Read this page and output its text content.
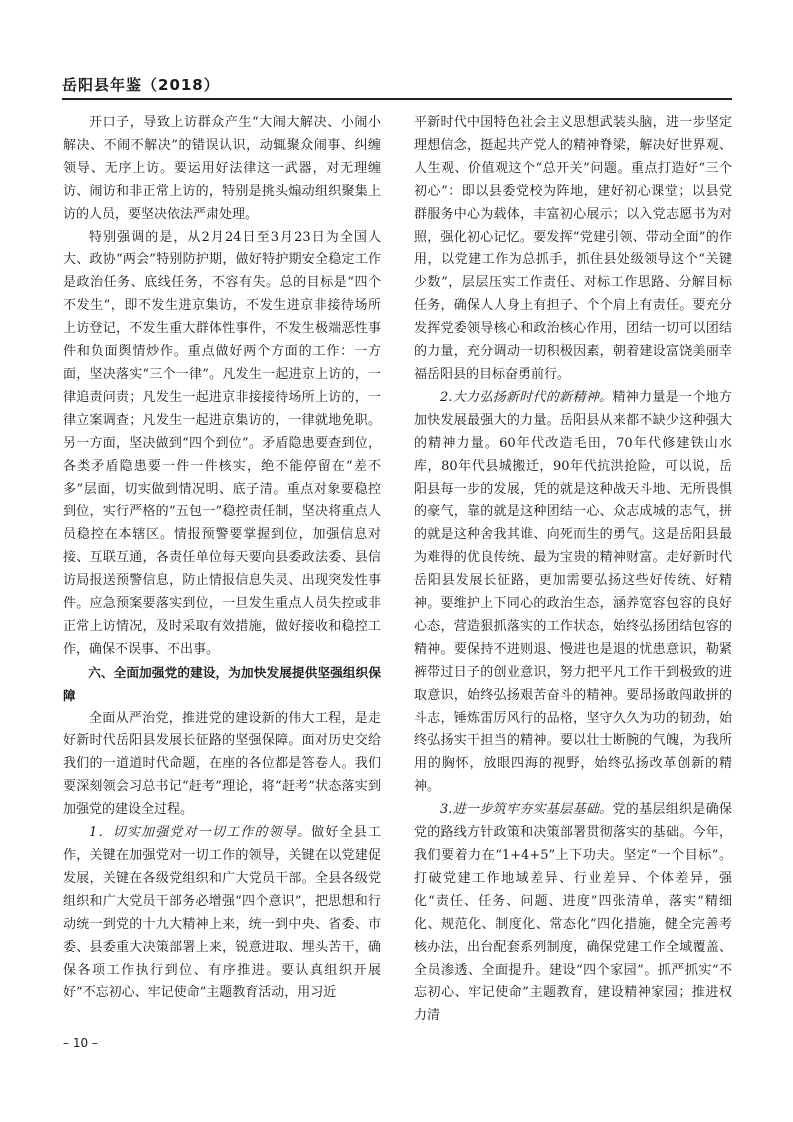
岳阳县年鉴（2018）

开口子，导致上访群众产生“大闹大解决、小闹小解决、不闹不解决”的错误认识，动辄聚众闹事、纠缠领导、无序上访。要运用好法律这一武器，对无理缠访、闹访和非正常上访的，特别是挑头煽动组织聚集上访的人员，要坚决依法严肃处理。

特别强调的是，从2月24日至3月23日为全国人大、政协“两会”特别防护期，做好特护期安全稳定工作是政治任务、底线任务，不容有失。总的目标是“四个不发生”，即不发生进京集访，不发生进京非接待场所上访登记，不发生重大群体性事件，不发生极端恶性事件和负面舆情炒作。重点做好两个方面的工作：一方面，坚决落实“三个一律”。凡发生一起进京上访的，一律追责问责；凡发生一起进京非接接待场所上访的，一律立案调查；凡发生一起进京集访的，一律就地免职。另一方面，坚决做到“四个到位”。矛盾隐患要查到位，各类矛盾隐患要一件一件核实，绝不能停留在“差不多”层面，切实做到情况明、底子清。重点对象要稳控到位，实行严格的“五包一”稳控责任制，坚决将重点人员稳控在本辖区。情报预警要掌握到位，加强信息对接、互联互通，各责任单位每天要向县委政法委、县信访局报送预警信息，防止情报信息失灵、出现突发性事件。应急预案要落实到位，一旦发生重点人员失控或非正常上访情况，及时采取有效措施，做好接收和稳控工作，确保不误事、不出事。

六、全面加强党的建设，为加快发展提供坚强组织保障

全面从严治党，推进党的建设新的伟大工程，是走好新时代岳阳县发展长征路的坚强保障。面对历史交给我们的一道道时代命题，在座的各位都是答卷人。我们要深刻领会习总书记“赶考”理论，将“赶考”状态落实到加强党的建设全过程。

1．切实加强党对一切工作的领导。做好全县工作，关键在加强党对一切工作的领导，关键在以党建促发展，关键在各级党组织和广大党员干部。全县各级党组织和广大党员干部务必增强“四个意识”，把思想和行动统一到党的十九大精神上来，统一到中央、省委、市委、县委重大决策部署上来，锐意进取、埋头苦干，确保各项工作执行到位、有序推进。要认真组织开展好“不忘初心、牢记使命”主题教育活动，用习近

平新时代中国特色社会主义思想武装头脑，进一步坚定理想信念，挺起共产党人的精神脊梁，解决好世界观、人生观、价值观这个“总开关”问题。重点打造好“三个初心”：即以县委党校为阵地，建好初心课堂；以县党群服务中心为载体，丰富初心展示；以入党志愿书为对照，强化初心记忆。要发挥“党建引领、带动全面”的作用，以党建工作为总抓手，抓住县处级领导这个“关键少数”，层层压实工作责任、对标工作思路、分解目标任务，确保人人身上有担子、个个肩上有责任。要充分发挥党委领导核心和政治核心作用，团结一切可以团结的力量，充分调动一切积极因素，朝着建设富饶美丽幸福岳阳县的目标奋勇前行。

2.大力弘扬新时代的新精神。精神力量是一个地方加快发展最强大的力量。岳阳县从来都不缺少这种强大的精神力量。60年代改造毛田，70年代修建铁山水库，80年代县城搬迁，90年代抗洪抢险，可以说，岳阳县每一步的发展，凭的就是这种战天斗地、无所畏惧的豪气，靠的就是这种团结一心、众志成城的志气，拼的就是这种舍我其谁、向死而生的勇气。这是岳阳县最为难得的优良传统、最为宝贵的精神财富。走好新时代岳阳县发展长征路，更加需要弘扬这些好传统、好精神。要维护上下同心的政治生态，涵养宽容包容的良好心态，营造狠抓落实的工作状态，始终弘扬团结包容的精神。要保持不进则退、慢进也是退的忧患意识，勒紧裤带过日子的创业意识，努力把平凡工作干到极致的进取意识，始终弘扬艰苦奋斗的精神。要昂扬敢闯敢拼的斗志，锤炼雷厉风行的品格，坚守久久为功的韧劲，始终弘扬实干担当的精神。要以壮士断腕的气魄，为我所用的胸怀，放眼四海的视野，始终弘扬改革创新的精神。

3.进一步筑牢夯实基层基础。党的基层组织是确保党的路线方针政策和决策部署贯彻落实的基础。今年，我们要着力在“1+4+5”上下功夫。坚定“一个目标”。打破党建工作地域差异、行业差异、个体差异，强化“责任、任务、问题、进度”四张清单，落实“精细化、规范化、制度化、常态化”四化措施，健全完善考核办法，出台配套系列制度，确保党建工作全域覆盖、全员渗透、全面提升。建设“四个家园”。抓严抓实“不忘初心、牢记使命”主题教育，建设精神家园；推进权力清

– 10 –
